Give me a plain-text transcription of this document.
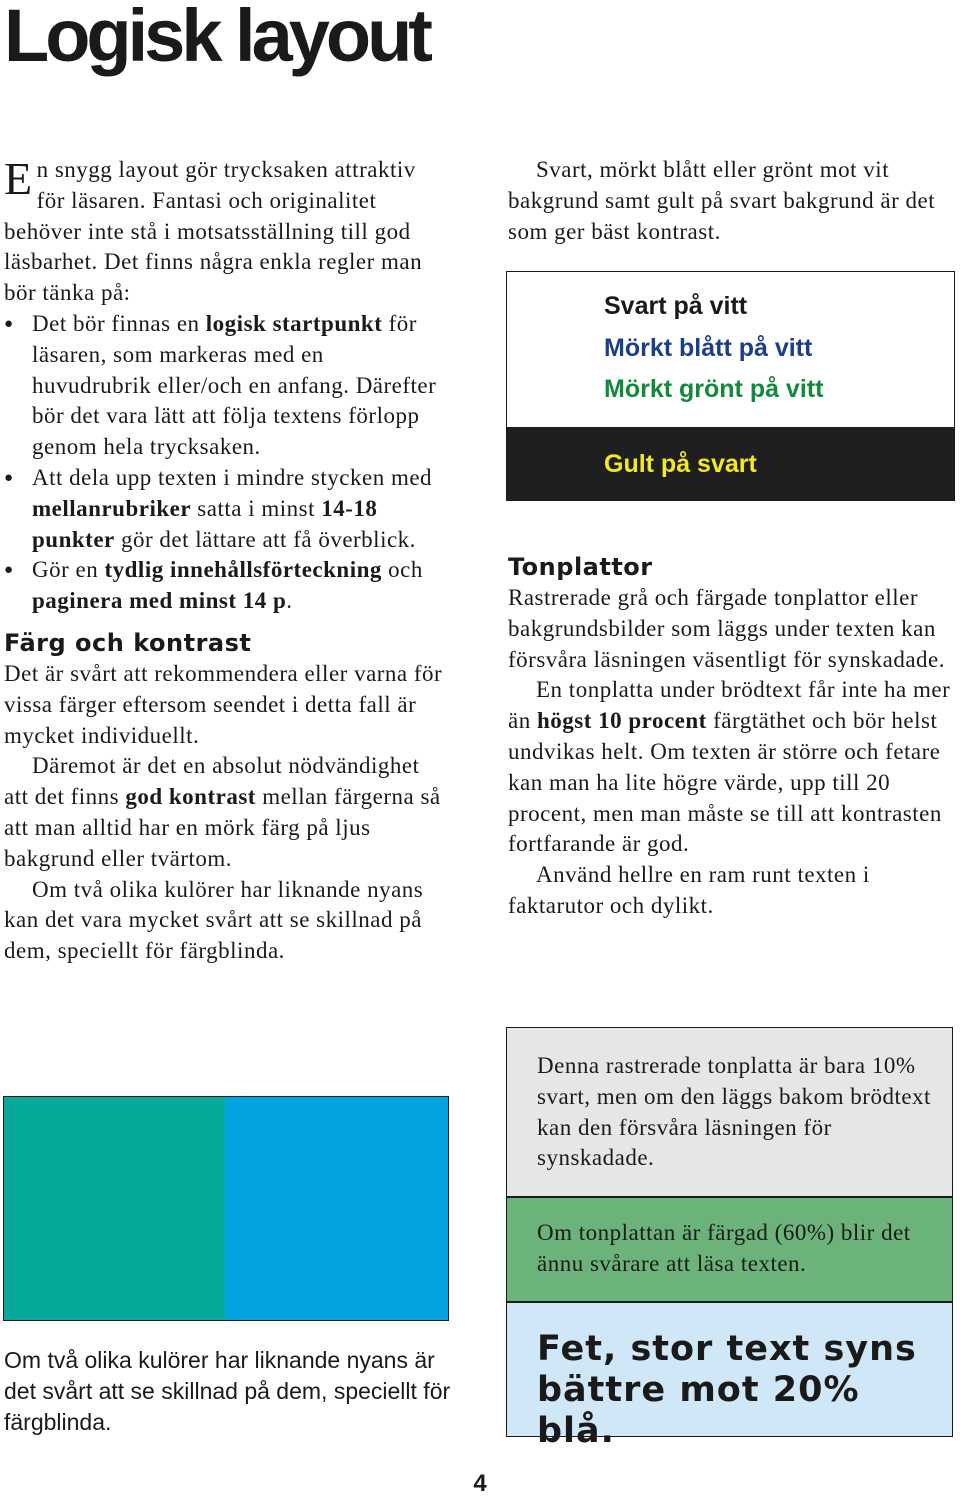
Logisk layout

En snygg layout gör trycksaken attraktiv för läsaren. Fantasi och originalitet behöver inte stå i motsatsställning till god läsbarhet. Det finns några enkla regler man bör tänka på:

● Det bör finnas en logisk startpunkt för läsaren, som markeras med en huvudrubrik eller/och en anfang. Därefter bör det vara lätt att följa textens förlopp genom hela trycksaken.
● Att dela upp texten i mindre stycken med mellanrubriker satta i minst 14-18 punkter gör det lättare att få överblick.
● Gör en tydlig innehållsförteckning och paginera med minst 14 p.
Färg och kontrast

Det är svårt att rekommendera eller varna för vissa färger eftersom seendet i detta fall är mycket individuellt.

Däremot är det en absolut nödvändighet att det finns god kontrast mellan färgerna så att man alltid har en mörk färg på ljus bakgrund eller tvärtom.

Om två olika kulörer har liknande nyans kan det vara mycket svårt att se skillnad på dem, speciellt för färgblinda.

Svart, mörkt blått eller grönt mot vit bakgrund samt gult på svart bakgrund är det som ger bäst kontrast.

Svart på vitt
Mörkt blått på vitt
Mörkt grönt på vitt
Gult på svart
Tonplattor

Rastrerade grå och färgade tonplattor eller bakgrundsbilder som läggs under texten kan försvåra läsningen väsentligt för synskadade.

En tonplatta under brödtext får inte ha mer än högst 10 procent färgtäthet och bör helst undvikas helt. Om texten är större och fetare kan man ha lite högre värde, upp till 20 procent, men man måste se till att kontrasten fortfarande är god.

Använd hellre en ram runt texten i faktarutor och dylikt.

Om två olika kulörer har liknande nyans är det svårt att se skillnad på dem, speciellt för färgblinda.
Denna rastrerade tonplatta är bara 10% svart, men om den läggs bakom brödtext kan den försvåra läsningen för synskadade.
Om tonplattan är färgad (60%) blir det ännu svårare att läsa texten.
Fet, stor text syns bättre mot 20% blå.
4
